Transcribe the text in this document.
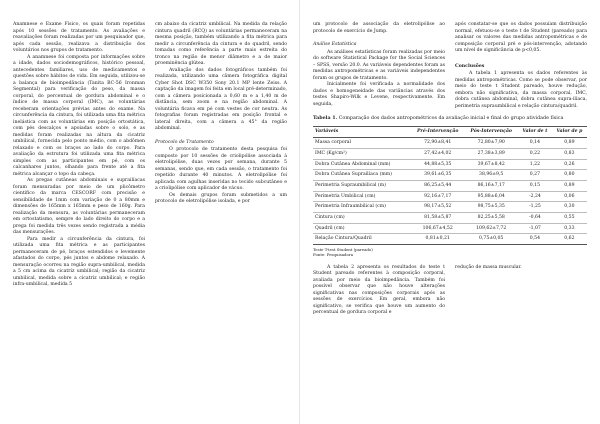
Anamnese e Exame Físico, os quais foram repetidas após 10 sessões de tratamento. As avaliações e reavaliações foram realizadas por um pesquisador que, após cada sessão, realizava a distribuição dos voluntários nos grupos de tratamento.

A anamnese foi composta por informações sobre a idade, dados sociodemográficos, histórico pessoal, antecedentes familiares, uso de medicamentos e questões sobre hábitos de vida. Em seguida, utilizou-se a balança de bioimpedância (Tanita BC-56 Ironman Segmental) para verificação do peso, da massa corporal, do percentual de gordura abdominal e o índice de massa corporal (IMC), as voluntárias receberam orientações prévias antes do exame. Na circunferência da cintura, foi utilizada uma fita métrica inelástica com as voluntárias em posição ortostática, com pés descalços e apoiadas sobre o solo, e as medidas foram realizadas na altura da cicatriz umbilical, fornecida pelo ponto médio, com o abdômen relaxado e com os braços ao lado do corpo. Para avaliação da estrutura foi utilizada uma fita métrica simples com as participantes em pé, com os calcanhares juntos, olhando para frente até a fita métrica alcançar o topo da cabeça.

As pregas cutâneas abdominais e suprailíacas foram mensuradas por meio de um plicômetro científico da marca CESCORF com precisão e sensibilidade de 1mm com variação de 0 a 80mm e dimensões de 165mm x 165mm e peso de 160g. Para realização da mensura, as voluntárias permaneceram em ortostatismo, sempre do lado direito do corpo e a prega foi medida três vezes sendo registrada a média das mensurações.

Para medir a circunferência da cintura, foi utilizada uma fita métrica e as participantes permaneceram de pé, braços estendidos e levemente afastados do corpo, pés juntos e abdome relaxado. A mensuração ocorreu na região supra-umbilical, medida a 5 cm acima da cicatriz umbilical; região da cicatriz umbilical, medida sobre a cicatriz umbilical; e região infra-umbilical, medida 5

cm abaixo da cicatriz umbilical. Na medida da relação cintura quadril (RCQ) as voluntárias permaneceram na mesma posição, também utilizando a fita métrica para medir a circunferência da cintura e do quadril, sendo tomadas como referência a parte mais estreita do tronco na região de menor diâmetro e a de maior proeminência glútea.

Avaliação dos dados fotográficos também foi realizada, utilizando uma câmera fotográfica digital Cyber Shot DSC W350 Sony 20.1 MP lente Zeiss. A captação da imagem foi feita em local pré-determinado, com a câmera posicionada a 0,60 m e a 1,40 m de distância, sem zoom e na região abdominal. A voluntária ficava em pé com vestes de cor neutra. As fotografias foram registradas em posição frontal e lateral direita, com a câmera a 45° da região abdominal.

Protocolo de Tratamento

O protocolo de tratamento desta pesquisa foi composto por 10 sessões de criolipólise associada à eletrolipólise, duas vezes por semana, durante 5 semanas, sendo que, em cada sessão, o tratamento foi repetido durante 40 minutos. A eletrolipólise foi aplicada com agulhas inseridas no tecido subcutâneo e a criolipólise com aplicador de vácuo.

Os demais grupos foram submetidos a um protocolo de eletrolipólise isolada, e por

um protocolo de associação da eletrolipólise ao protocolo de exercício de Jump.

Análise Estatística

As análises estatísticas foram realizadas por meio do software Statistical Package for the Social Sciences – SPSS, versão 20.0. As variáveis dependentes foram as medidas antropométricas e as variáveis independentes foram os grupos de tratamento.

Inicialmente foi verificada a normalidade dos dados e homogeneidade das variâncias através dos testes Shapiro-Wilk e Levene, respectivamente. Em seguida,

após constatar-se que os dados possuíam distribuição normal, efetuou-se o teste t de Student (pareado) para analisar os valores das medidas antropométricas e de composição corporal pré e pós-intervenção, adotando um nível de significância de p<0,05.

Conclusões

A tabela 1 apresenta os dados referentes às medidas antropométricas. Como se pode observar, por meio do teste t Student pareado, houve redução, embora não significativa, da massa corporal, IMC, dobra cutânea abdominal, dobra cutânea supra-ilíaca, perimetria supraumbilical e relação cintura/quadril.

Tabela 1. Comparação dos dados antropométricos da avaliação inicial e final do grupo atividade física

Variáveis	Pré-Intervenção	Pós-Intervenção	Valor de t	Valor de p
Massa corporal	72,90±8,41	72,80±7,90	0,14	0,89
IMC (Kg/cm²)	27,42±4,02	27,38±3,89	0,22	0,83
Dobra Cutânea Abdominal (mm)	44,88±5,35	39,67±8,42	1,22	0,26
Dobra Cutânea Suprailíaca (mm)	39,61±6,35	38,96±9,5	0,27	0,80
Perimetria Supraumbilical (m)	86,25±5,44	86,16±7,17	0,15	0,89
Perimetria Umbilical (cm)	92,16±7,17	95,88±6,04	-2,24	0,06
Perimetria Infraumbilical (cm)	98,17±5,52	98,75±5,35	-1,25	0,30
Cintura (cm)	81,58±5,87	82,25±5,58	-0,64	0,55
Quadril (cm)	106,67±4,52	109,62±7,72	-1,07	0,33
Relação Cintura/Quadril	0,81±0,21	0,75±0,05	0,54	0,62

Teste T-test Student (pareado)

Fonte: Pesquisadora

A tabela 2 apresenta os resultados do teste t Student pareado referentes à composição corporal, avaliada por meio da bioimpedância. Também foi possível observar que não houve alterações significativas nas composições corporais após as sessões de exercícios. Em geral, embora não significativo, se verifica que houve um aumento do percentual de gordura corporal e

redução de massa muscular.
